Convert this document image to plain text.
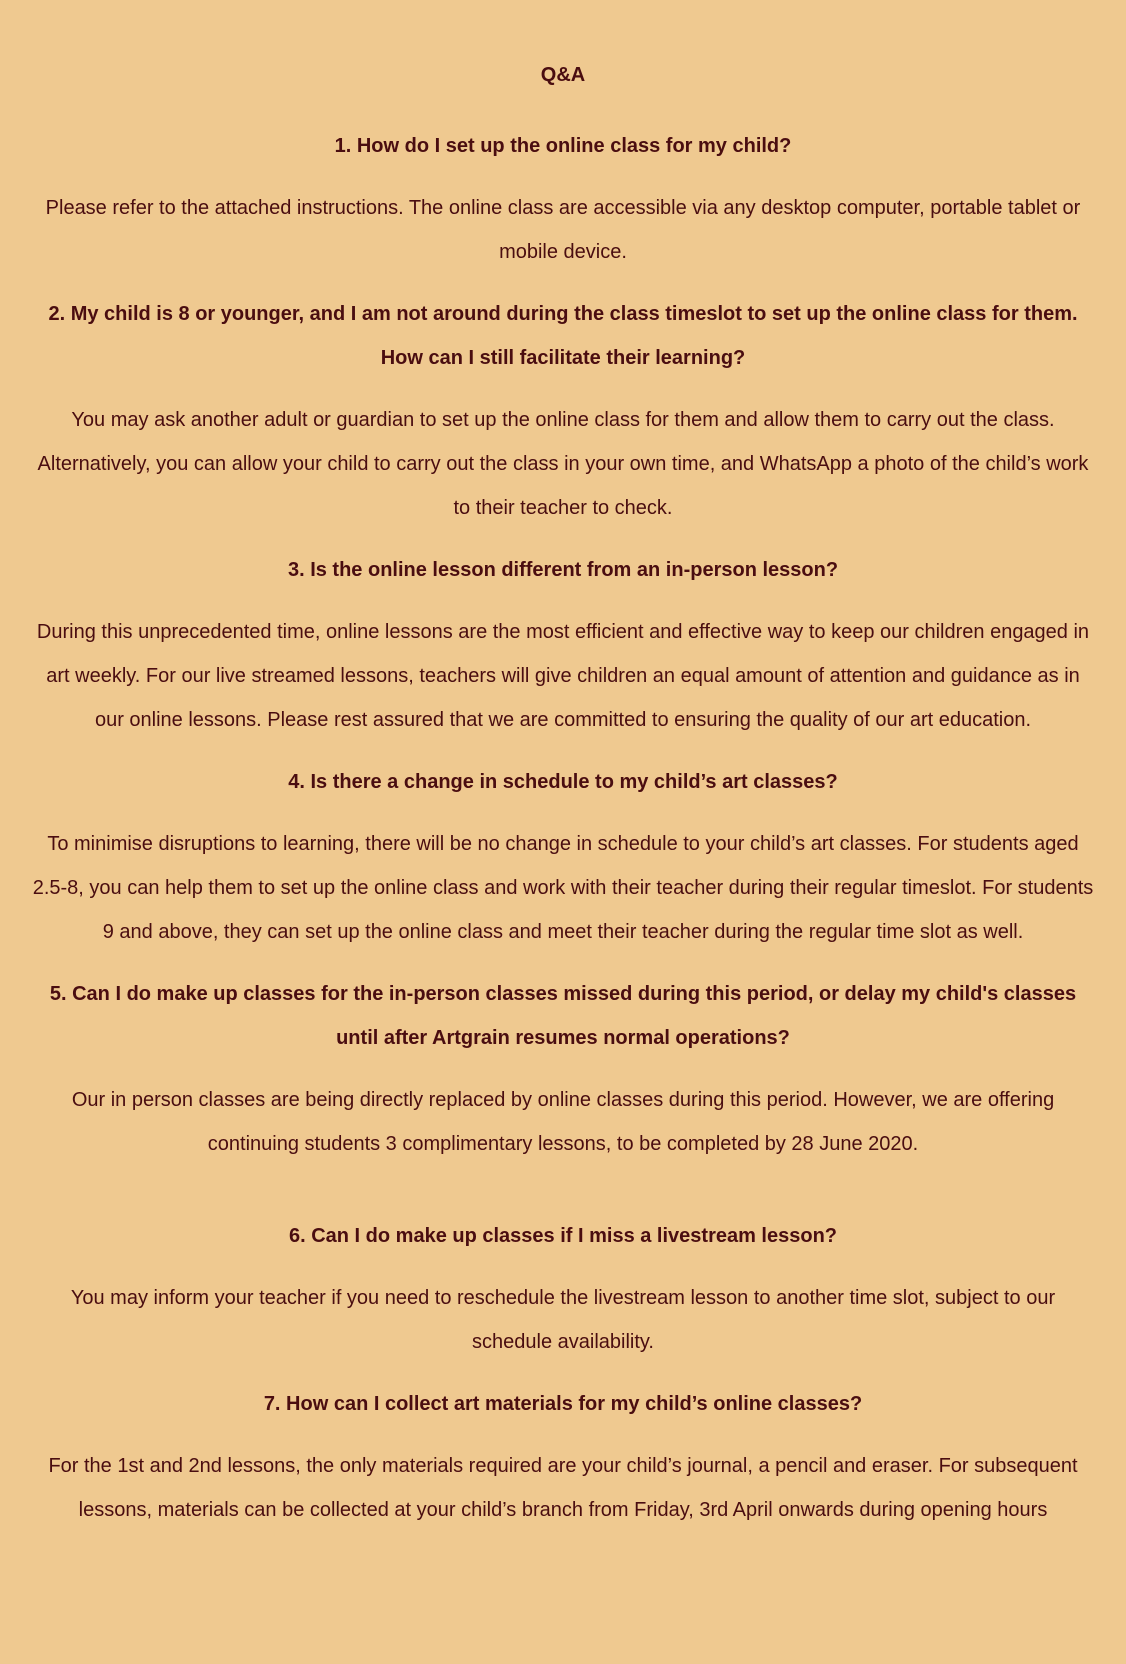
Q&A

1. How do I set up the online class for my child?

Please refer to the attached instructions. The online class are accessible via any desktop computer, portable tablet or mobile device.

2. My child is 8 or younger, and I am not around during the class timeslot to set up the online class for them. How can I still facilitate their learning?

You may ask another adult or guardian to set up the online class for them and allow them to carry out the class. Alternatively, you can allow your child to carry out the class in your own time, and WhatsApp a photo of the child’s work to their teacher to check.

3. Is the online lesson different from an in-person lesson?

During this unprecedented time, online lessons are the most efficient and effective way to keep our children engaged in art weekly. For our live streamed lessons, teachers will give children an equal amount of attention and guidance as in our online lessons. Please rest assured that we are committed to ensuring the quality of our art education.

4. Is there a change in schedule to my child’s art classes?

To minimise disruptions to learning, there will be no change in schedule to your child’s art classes. For students aged 2.5-8, you can help them to set up the online class and work with their teacher during their regular timeslot. For students 9 and above, they can set up the online class and meet their teacher during the regular time slot as well.

5. Can I do make up classes for the in-person classes missed during this period, or delay my child's classes until after Artgrain resumes normal operations?

Our in person classes are being directly replaced by online classes during this period. However, we are offering continuing students 3 complimentary lessons, to be completed by 28 June 2020.

6. Can I do make up classes if I miss a livestream lesson?

You may inform your teacher if you need to reschedule the livestream lesson to another time slot, subject to our schedule availability.

7. How can I collect art materials for my child’s online classes?

For the 1st and 2nd lessons, the only materials required are your child’s journal, a pencil and eraser. For subsequent lessons, materials can be collected at your child’s branch from Friday, 3rd April onwards during opening hours
